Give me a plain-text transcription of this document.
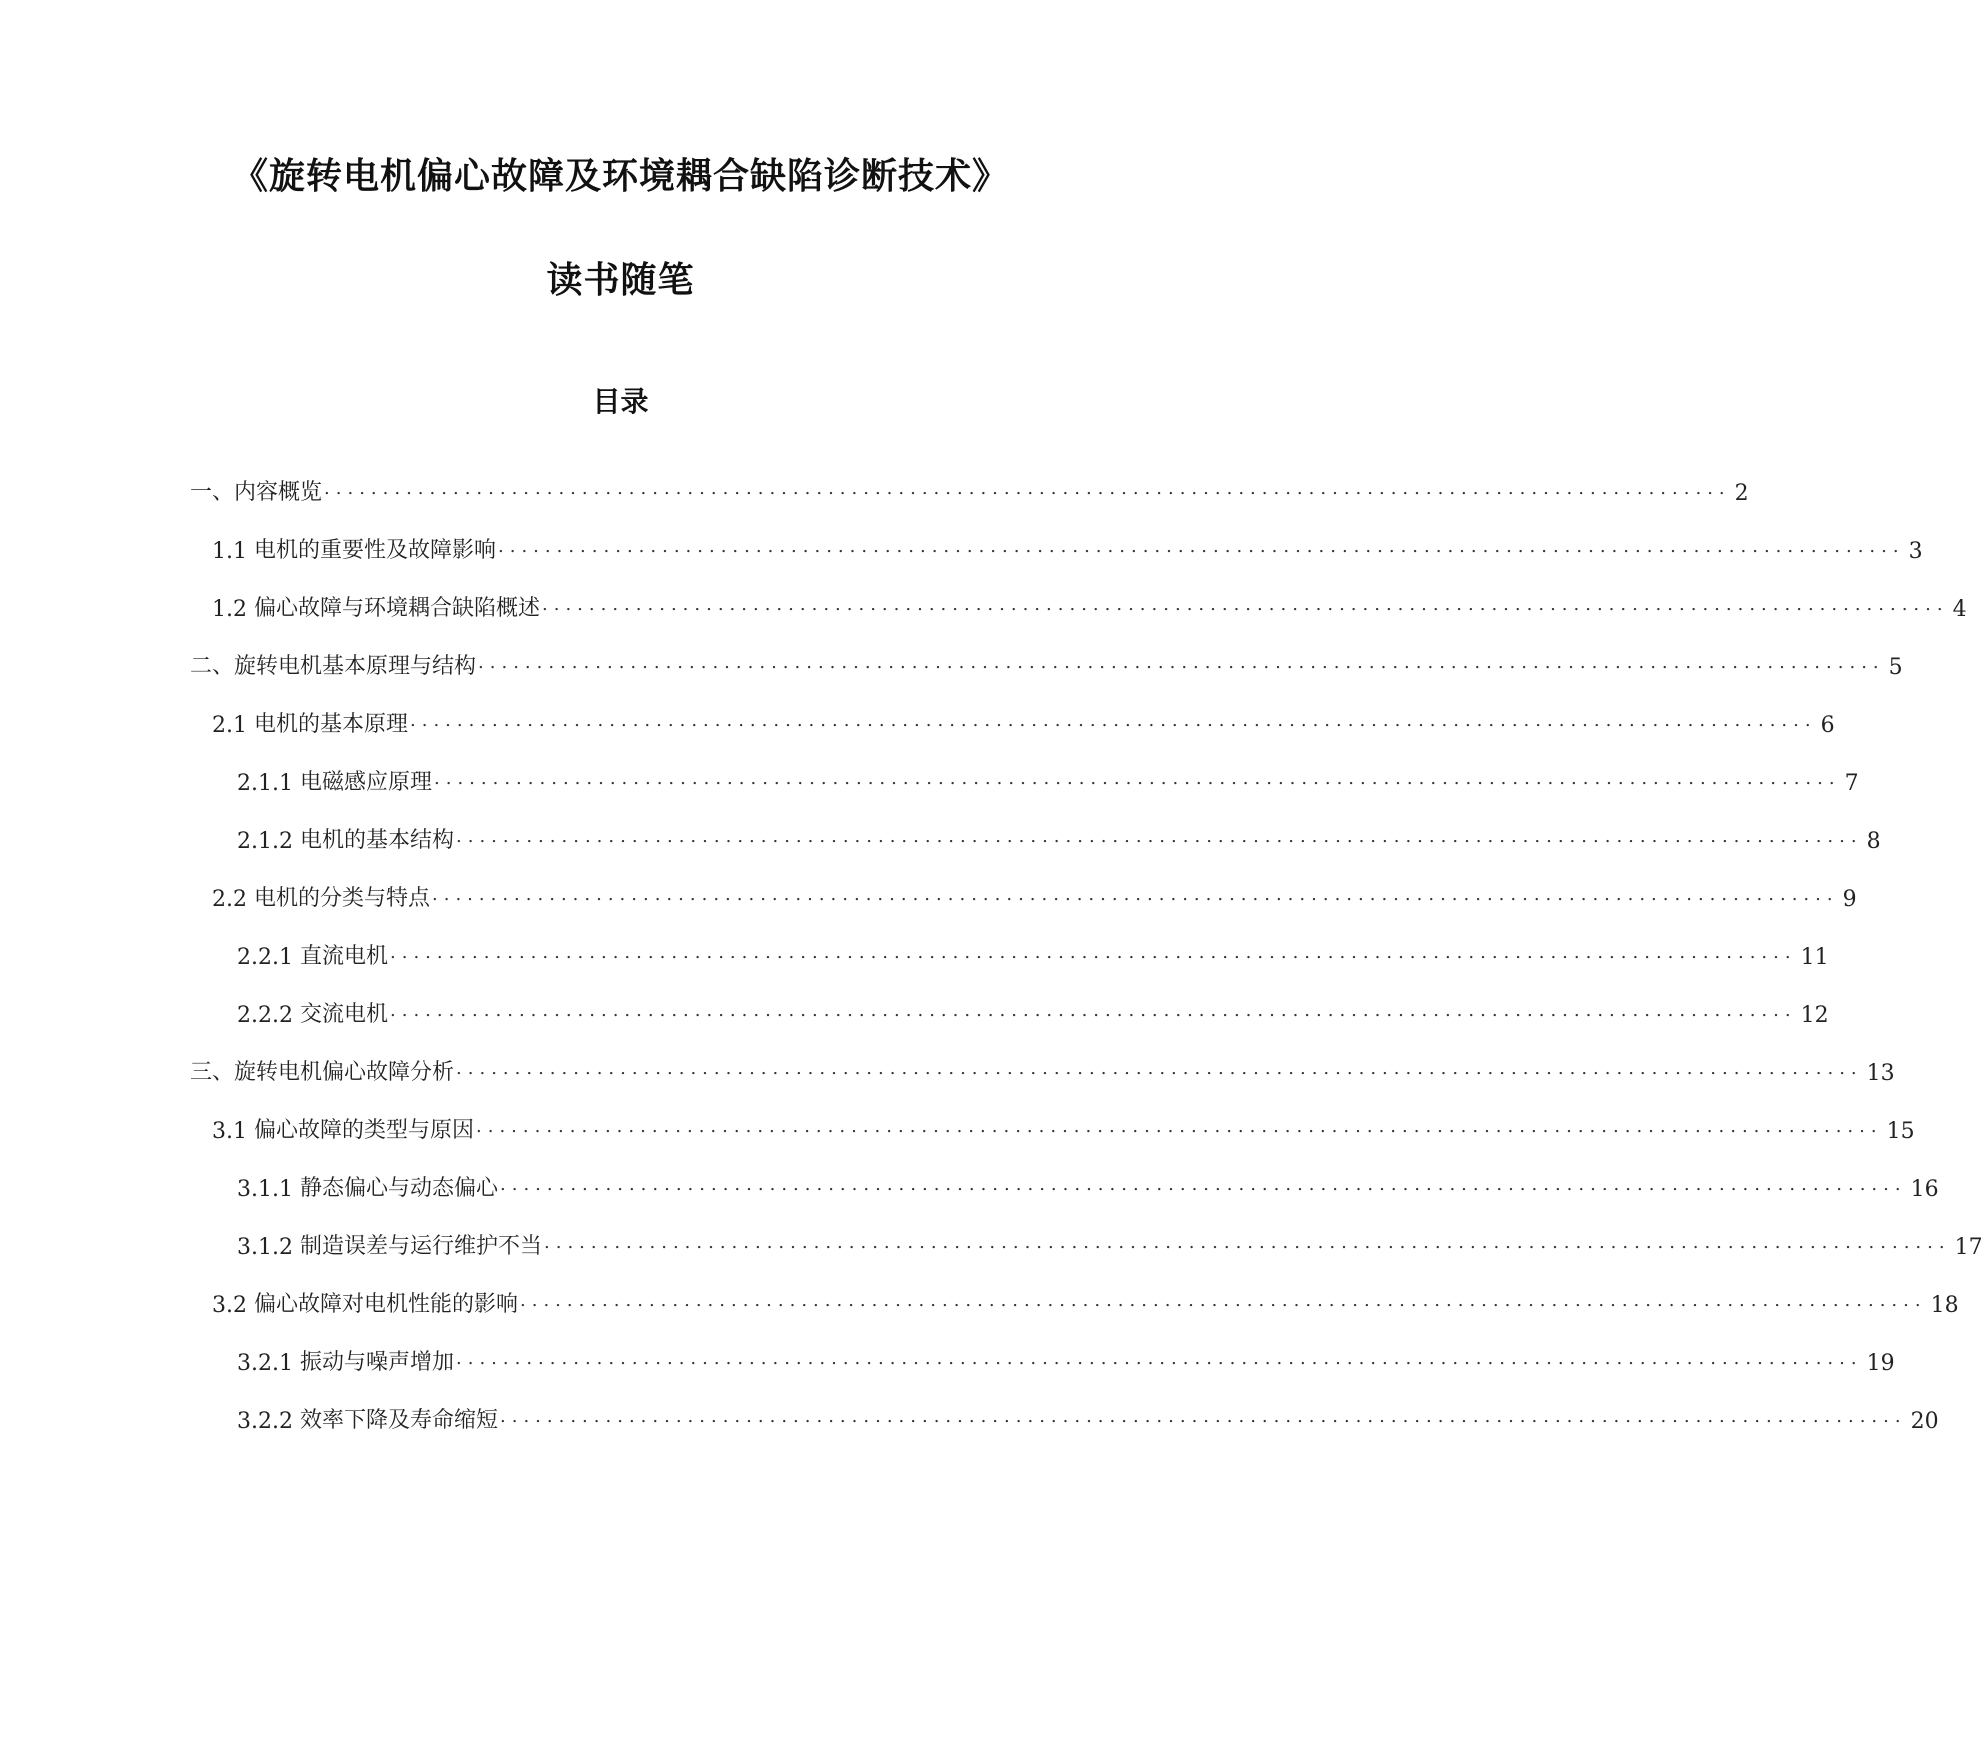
《旋转电机偏心故障及环境耦合缺陷诊断技术》
读书随笔
目录
一、 内容概览 ........................................................................................................................ 2
1.1 电机的重要性及故障影响 ........................................................................................................................ 3
1.2 偏心故障与环境耦合缺陷概述 ........................................................................................................................ 4
二、 旋转电机基本原理与结构 ........................................................................................................................ 5
2.1 电机的基本原理 ........................................................................................................................ 6
2.1.1 电磁感应原理 ........................................................................................................................ 7
2.1.2 电机的基本结构 ........................................................................................................................ 8
2.2 电机的分类与特点 ........................................................................................................................ 9
2.2.1 直流电机 ........................................................................................................................ 11
2.2.2 交流电机 ........................................................................................................................ 12
三、 旋转电机偏心故障分析 ........................................................................................................................ 13
3.1 偏心故障的类型与原因 ........................................................................................................................ 15
3.1.1 静态偏心与动态偏心 ........................................................................................................................ 16
3.1.2 制造误差与运行维护不当 ........................................................................................................................ 17
3.2 偏心故障对电机性能的影响 ........................................................................................................................ 18
3.2.1 振动与噪声增加 ........................................................................................................................ 19
3.2.2 效率下降及寿命缩短 ........................................................................................................................ 20
